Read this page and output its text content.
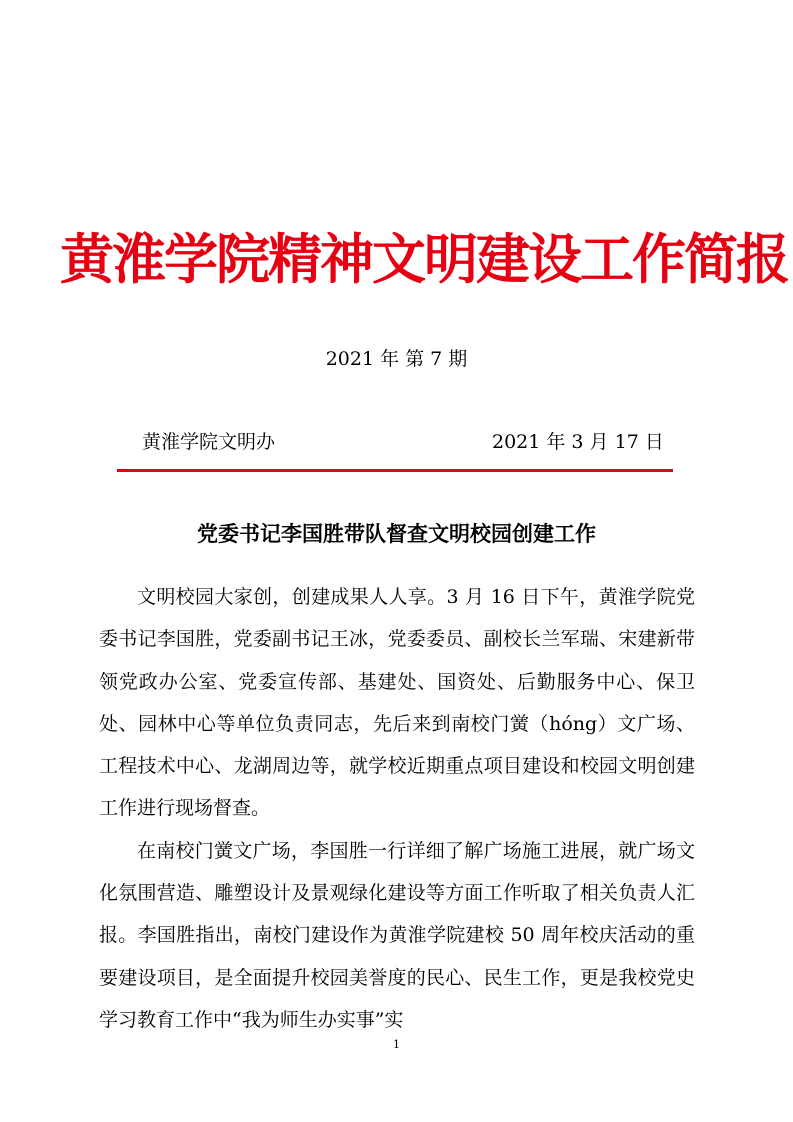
黄淮学院精神文明建设工作简报
2021 年 第 7 期
黄淮学院文明办	2021 年 3 月 17 日
党委书记李国胜带队督查文明校园创建工作

文明校园大家创，创建成果人人享。3 月 16 日下午，黄淮学院党委书记李国胜，党委副书记王冰，党委委员、副校长兰军瑞、宋建新带领党政办公室、党委宣传部、基建处、国资处、后勤服务中心、保卫处、园林中心等单位负责同志，先后来到南校门黉（hóng）文广场、工程技术中心、龙湖周边等，就学校近期重点项目建设和校园文明创建工作进行现场督查。

在南校门黉文广场，李国胜一行详细了解广场施工进展，就广场文化氛围营造、雕塑设计及景观绿化建设等方面工作听取了相关负责人汇报。李国胜指出，南校门建设作为黄淮学院建校 50 周年校庆活动的重要建设项目，是全面提升校园美誉度的民心、民生工作，更是我校党史学习教育工作中“我为师生办实事”实

1
